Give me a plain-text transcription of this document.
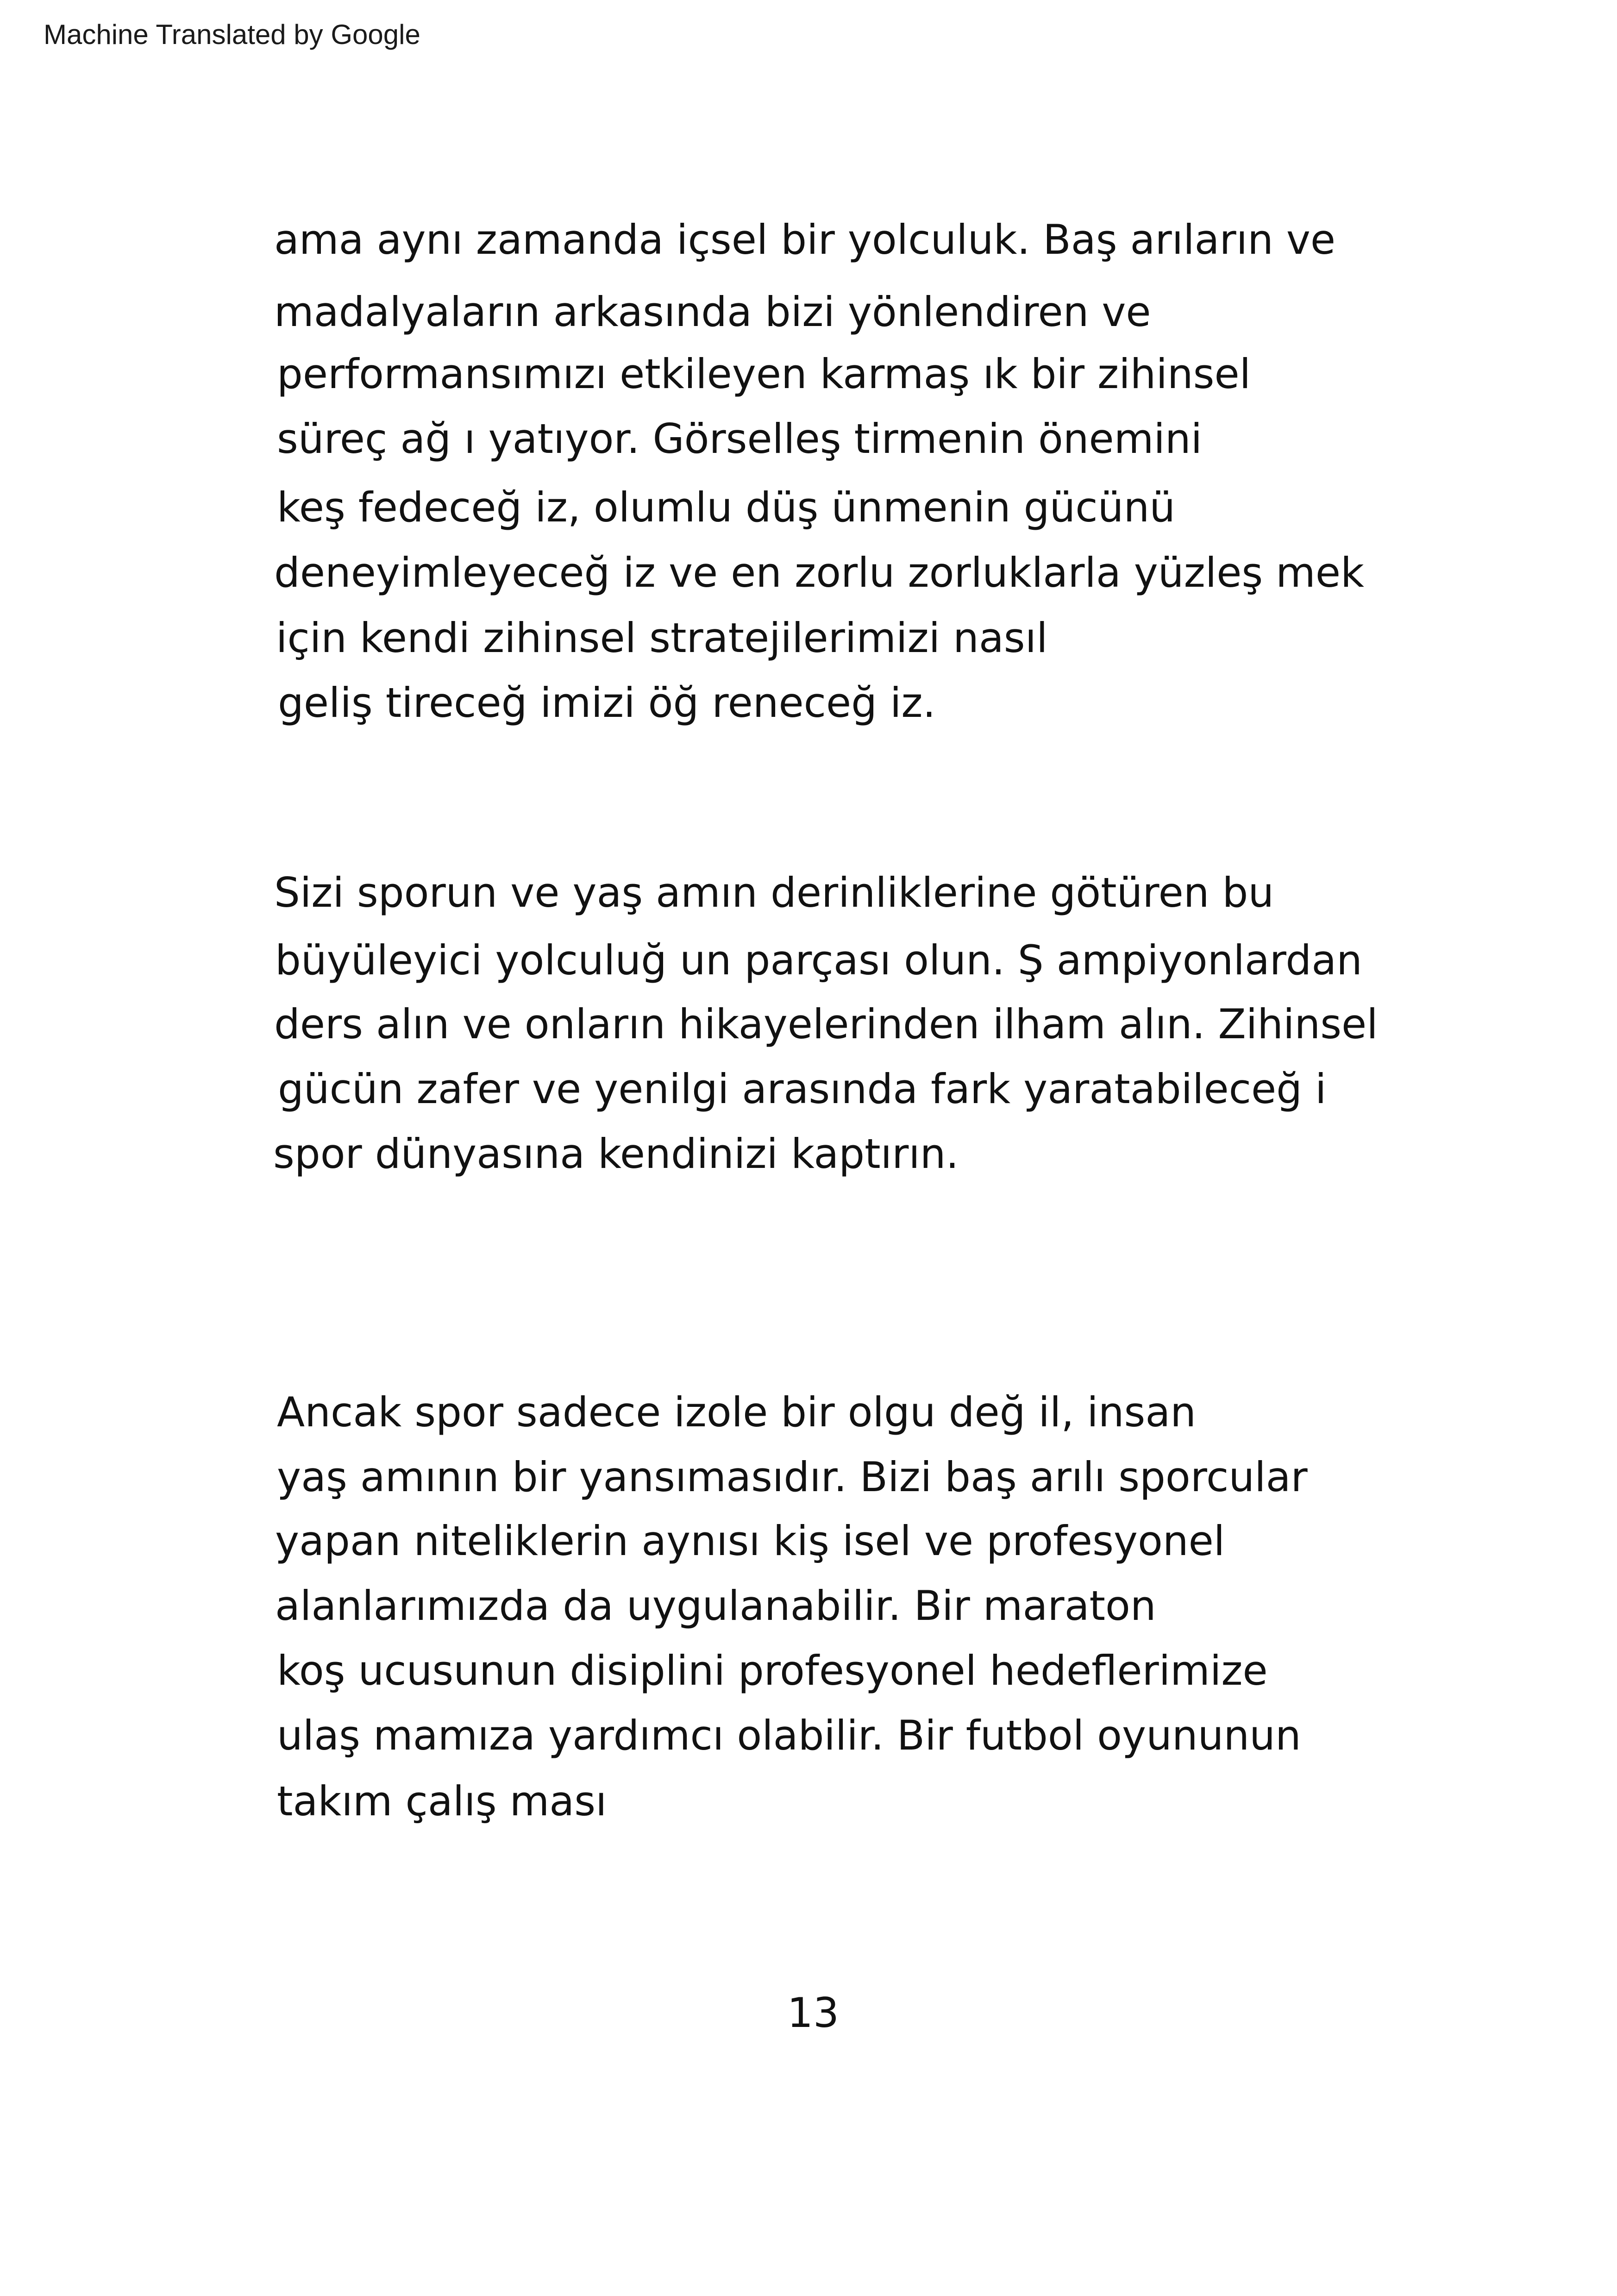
Machine Translated by Google
ama aynı zamanda içsel bir yolculuk. Baş arıların ve
madalyaların arkasında bizi yönlendiren ve
performansımızı etkileyen karmaş ık bir zihinsel
süreç ağ ı yatıyor. Görselleş tirmenin önemini
keş fedeceğ iz, olumlu düş ünmenin gücünü
deneyimleyeceğ iz ve en zorlu zorluklarla yüzleş mek
için kendi zihinsel stratejilerimizi nasıl
geliş tireceğ imizi öğ reneceğ iz.
Sizi sporun ve yaş amın derinliklerine götüren bu
büyüleyici yolculuğ un parçası olun. Ş ampiyonlardan
ders alın ve onların hikayelerinden ilham alın. Zihinsel
gücün zafer ve yenilgi arasında fark yaratabileceğ i
spor dünyasına kendinizi kaptırın.
Ancak spor sadece izole bir olgu değ il, insan
yaş amının bir yansımasıdır. Bizi baş arılı sporcular
yapan niteliklerin aynısı kiş isel ve profesyonel
alanlarımızda da uygulanabilir. Bir maraton
koş ucusunun disiplini profesyonel hedeflerimize
ulaş mamıza yardımcı olabilir. Bir futbol oyununun
takım çalış ması
13
